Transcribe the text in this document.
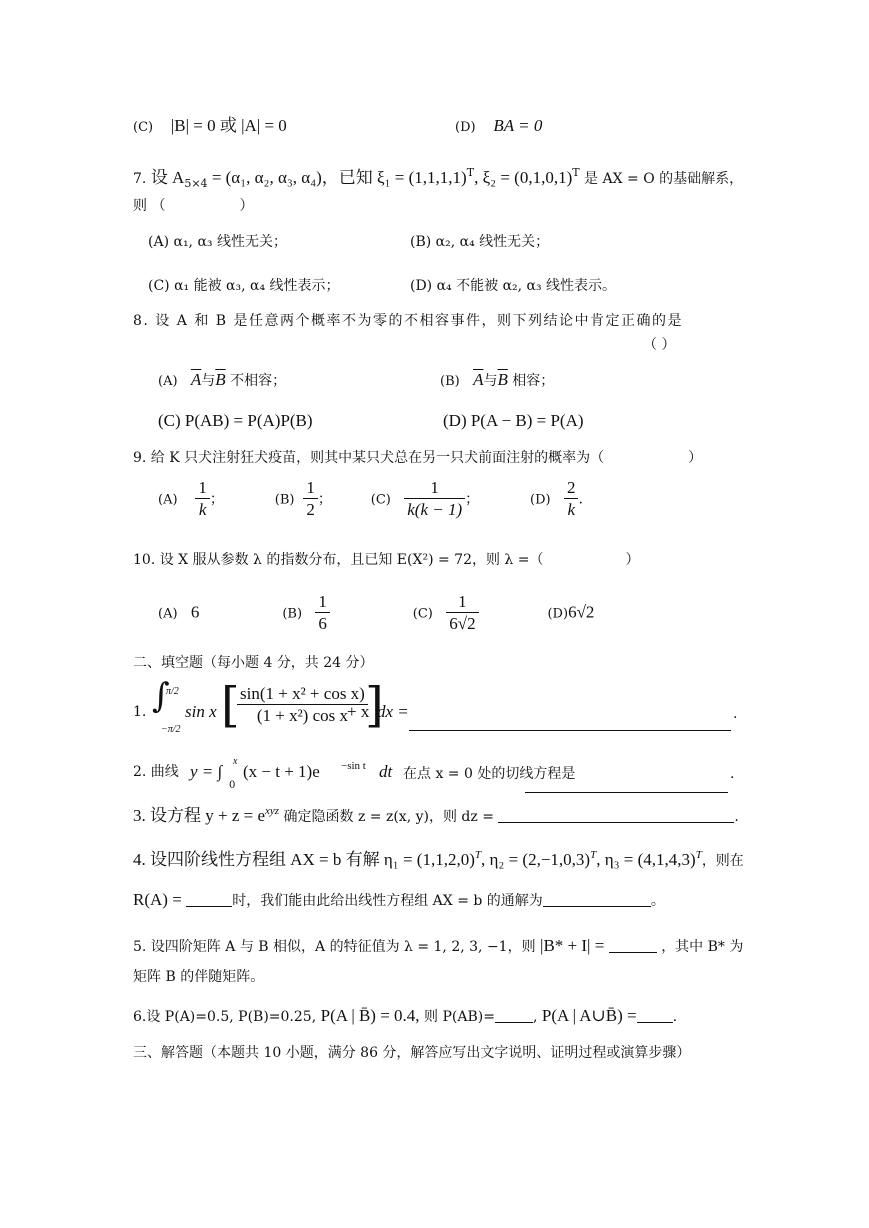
(C) |B| = 0 或 |A| = 0	(D) BA = 0
7. 设 $A_{5\times 4} = (\alpha_1$, α₂, α₃, α₄)，已知 $\xi_1 = (1,1,1,1)^T$, $\xi_2 = (0,1,0,1)^T$ 是 AX = O 的基础解系，
则 （	）
(A) α₁, α₃ 线性无关；	(B) α₂, α₄ 线性无关；
(C) α₁ 能被 α₃, α₄ 线性表示；	(D) α₄ 不能被 α₂, α₃ 线性表示。
8. 设 A 和 B 是任意两个概率不为零的不相容事件，则下列结论中肯定正确的是
（ ）
(A) $\overline{A}$与$\overline{B}$ 不相容；	(B) $\overline{A}$与$\overline{B}$ 相容；
(C) P(AB) = P(A)P(B)	(D) P(A − B) = P(A)
9. 给 K 只犬注射狂犬疫苗，则其中某只犬总在另一只犬前面注射的概率为（	）
$(A) \frac{1}{k}$ ；	$(B) \frac{1}{2}$ ；	$(C) \frac{1}{k(k - 1)}$ ；	$(D) \frac{2}{k}$ .
10. 设 X 服从参数 λ 的指数分布，且已知 E(X²) = 72，则 λ =（	）
(A) 6	$(B) \frac{1}{6}$	$(C) \frac{1}{6√2}$	(D)6√2
二、填空题（每小题 4 分，共 24 分）
1. ∫
π/2
−π/2
sin x [
$\frac{\text{sin(1 + x² + cos x)}}{\text{(1 + x²) cos x}}$
+ x
]
dx =	.
2. 曲线 y = ∫
x
0
(x − t + 1)e −sin t dt 在点 x = 0 处的切线方程是	.
3. 设方程 $y + z = e^{xyz}$ 确定隐函数 z = z(x, y)，则 dz =	.
4. 设四阶线性方程组 AX = b 有解 $\eta_1 = (1,1,2,0)^T$, $\eta_2 = (2,-1,0,3)^T$, $\eta_3 = (4,1,4,3)^T$，则在
R(A) =	时，我们能由此给出线性方程组 AX = b 的通解为	。
5. 设四阶矩阵 A 与 B 相似，A 的特征值为 λ = 1, 2, 3, −1，则 |B* + I| =	，其中 B* 为
矩阵 B 的伴随矩阵。
6.设 P(A)=0.5, P(B)=0.25, P(A | B̄) = 0.4, 则 P(AB)=	, P(A | A∪B̄) =	.
三、解答题（本题共 10 小题，满分 86 分，解答应写出文字说明、证明过程或演算步骤）
